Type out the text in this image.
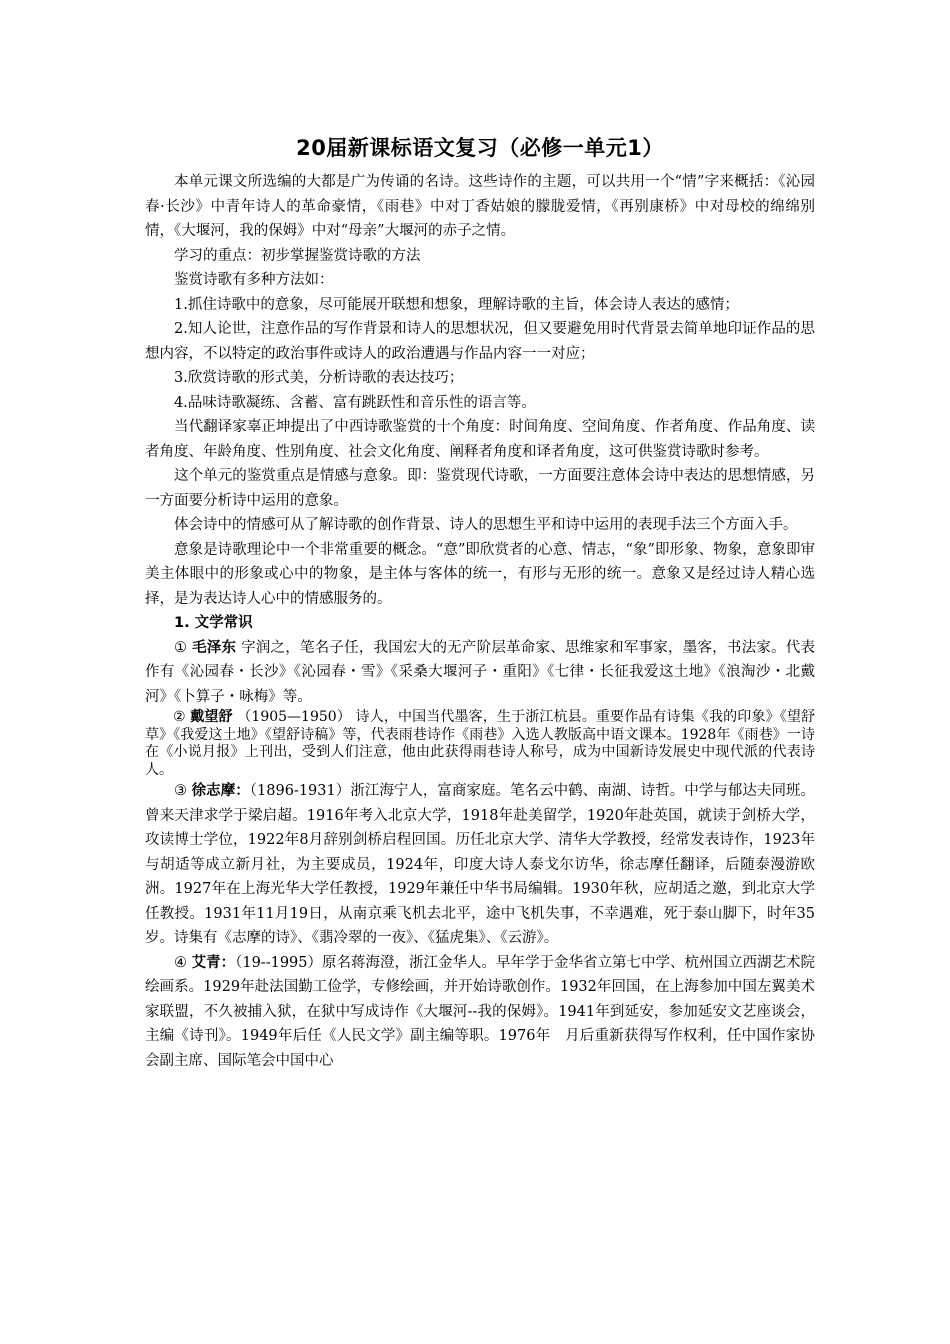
20届新课标语文复习（必修一单元1）

本单元课文所选编的大都是广为传诵的名诗。这些诗作的主题，可以共用一个“情”字来概括：《沁园春·长沙》中青年诗人的革命豪情，《雨巷》中对丁香姑娘的朦胧爱情，《再别康桥》中对母校的绵绵别情，《大堰河，我的保姆》中对“母亲”大堰河的赤子之情。

学习的重点：初步掌握鉴赏诗歌的方法

鉴赏诗歌有多种方法如：

1.抓住诗歌中的意象，尽可能展开联想和想象，理解诗歌的主旨，体会诗人表达的感情；

2.知人论世，注意作品的写作背景和诗人的思想状况，但又要避免用时代背景去简单地印证作品的思想内容，不以特定的政治事件或诗人的政治遭遇与作品内容一一对应；

3.欣赏诗歌的形式美，分析诗歌的表达技巧；

4.品味诗歌凝练、含蓄、富有跳跃性和音乐性的语言等。

当代翻译家辜正坤提出了中西诗歌鉴赏的十个角度：时间角度、空间角度、作者角度、作品角度、读者角度、年龄角度、性别角度、社会文化角度、阐释者角度和译者角度，这可供鉴赏诗歌时参考。

这个单元的鉴赏重点是情感与意象。即：鉴赏现代诗歌，一方面要注意体会诗中表达的思想情感，另一方面要分析诗中运用的意象。

体会诗中的情感可从了解诗歌的创作背景、诗人的思想生平和诗中运用的表现手法三个方面入手。

意象是诗歌理论中一个非常重要的概念。“意”即欣赏者的心意、情志，“象”即形象、物象，意象即审美主体眼中的形象或心中的物象，是主体与客体的统一，有形与无形的统一。意象又是经过诗人精心选择，是为表达诗人心中的情感服务的。

1. 文学常识

① 毛泽东 字润之，笔名子任，我国宏大的无产阶层革命家、思维家和军事家，墨客，书法家。代表作有《沁园春・长沙》《沁园春・雪》《采桑大堰河子・重阳》《七律・长征我爱这土地》《浪淘沙・北戴河》《卜算子・咏梅》等。

② 戴望舒 （1905—1950） 诗人，中国当代墨客，生于浙江杭县。重要作品有诗集《我的印象》《望舒草》《我爱这土地》《望舒诗稿》等，代表雨巷诗作《雨巷》入选人教版高中语文课本。1928年《雨巷》一诗在《小说月报》上刊出，受到人们注意，他由此获得雨巷诗人称号，成为中国新诗发展史中现代派的代表诗人。

③ 徐志摩：（1896-1931）浙江海宁人，富商家庭。笔名云中鹤、南湖、诗哲。中学与郁达夫同班。曾来天津求学于梁启超。1916年考入北京大学，1918年赴美留学，1920年赴英国，就读于剑桥大学，攻读博士学位，1922年8月辞别剑桥启程回国。历任北京大学、清华大学教授，经常发表诗作，1923年与胡适等成立新月社，为主要成员，1924年，印度大诗人泰戈尔访华，徐志摩任翻译，后随泰漫游欧洲。1927年在上海光华大学任教授，1929年兼任中华书局编辑。1930年秋，应胡适之邀，到北京大学任教授。1931年11月19日，从南京乘飞机去北平，途中飞机失事，不幸遇难，死于泰山脚下，时年35岁。诗集有《志摩的诗》、《翡冷翠的一夜》、《猛虎集》、《云游》。

④ 艾青：（19--1995）原名蒋海澄，浙江金华人。早年学于金华省立第七中学、杭州国立西湖艺术院绘画系。1929年赴法国勤工俭学，专修绘画，并开始诗歌创作。1932年回国，在上海参加中国左翼美术家联盟，不久被捕入狱，在狱中写成诗作《大堰河--我的保姆》。1941年到延安，参加延安文艺座谈会，主编《诗刊》。1949年后任《人民文学》副主编等职。1976年　月后重新获得写作权利，任中国作家协会副主席、国际笔会中国中心
